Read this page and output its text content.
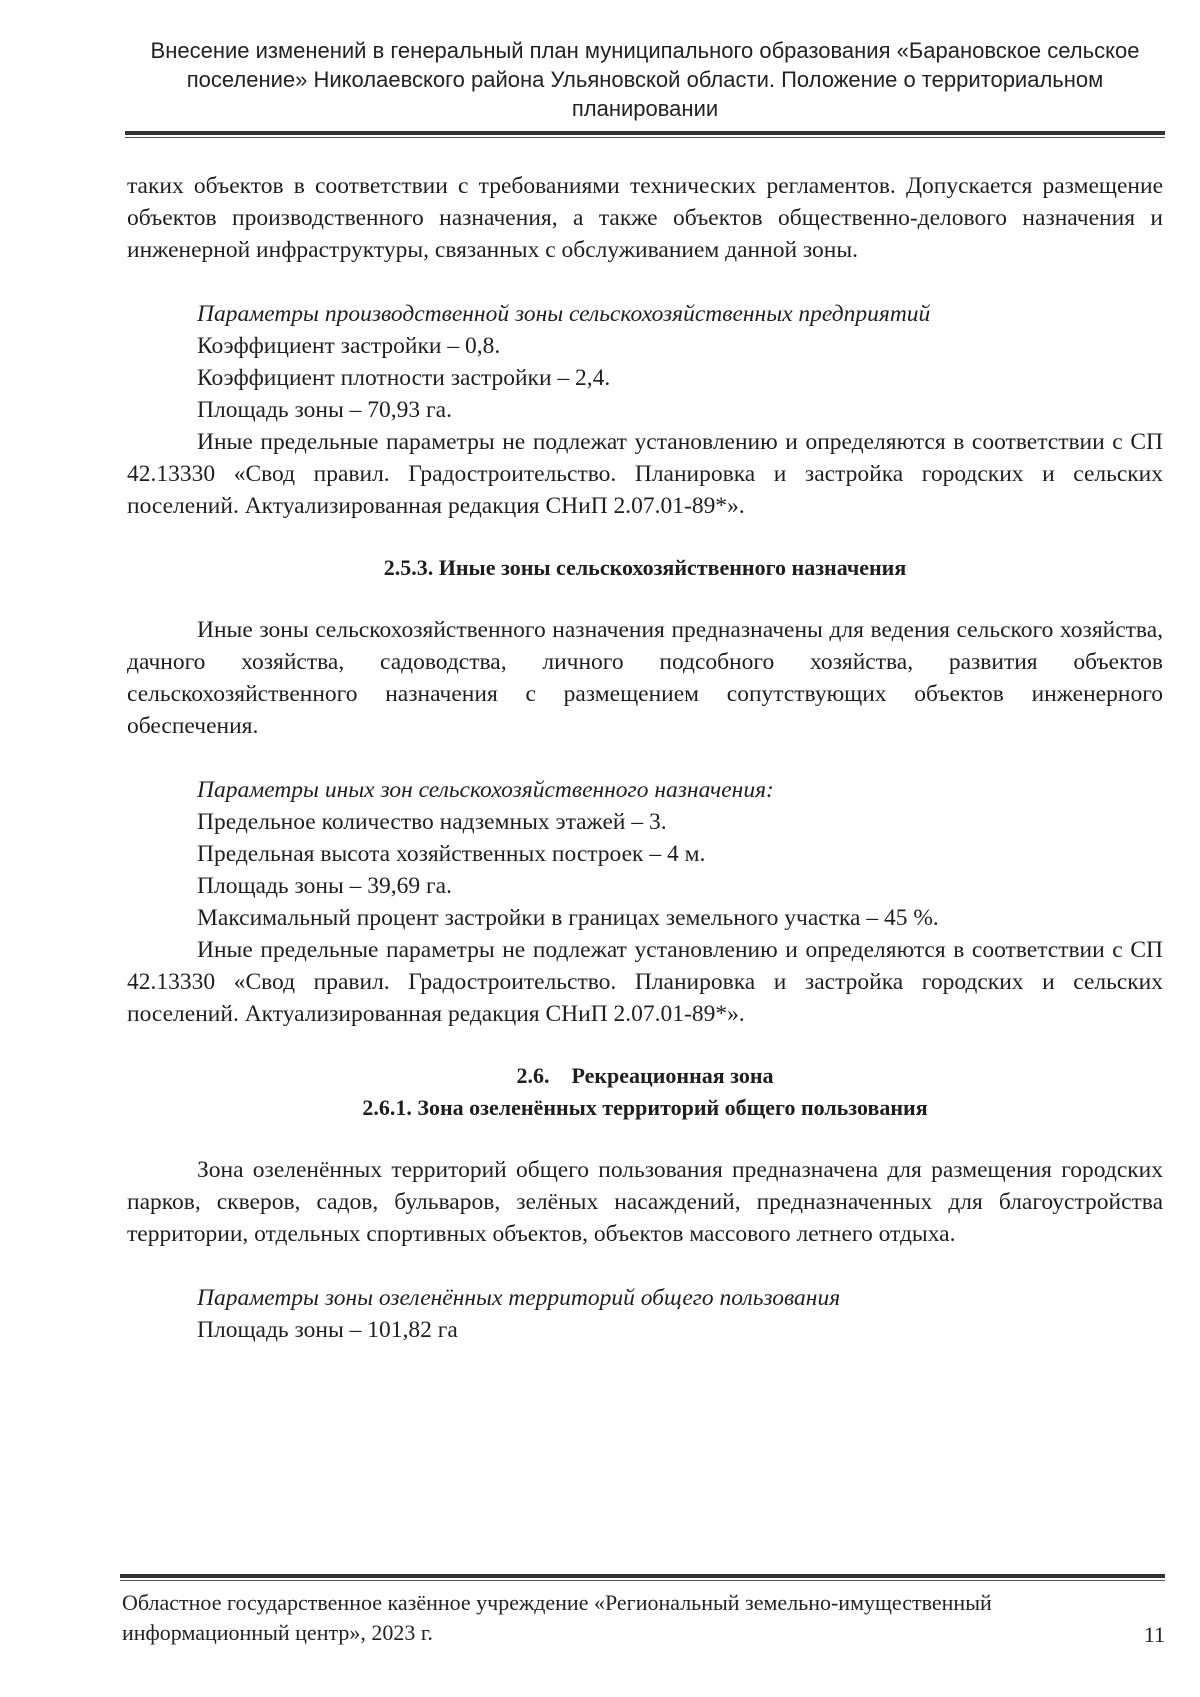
Внесение изменений в генеральный план муниципального образования «Барановское сельское поселение» Николаевского района Ульяновской области. Положение о территориальном планировании

таких объектов в соответствии с требованиями технических регламентов. Допускается размещение объектов производственного назначения, а также объектов общественно-делового назначения и инженерной инфраструктуры, связанных с обслуживанием данной зоны.

Параметры производственной зоны сельскохозяйственных предприятий

Коэффициент застройки – 0,8.

Коэффициент плотности застройки – 2,4.

Площадь зоны – 70,93 га.

Иные предельные параметры не подлежат установлению и определяются в соответствии с СП 42.13330 «Свод правил. Градостроительство. Планировка и застройка городских и сельских поселений. Актуализированная редакция СНиП 2.07.01-89*».

2.5.3. Иные зоны сельскохозяйственного назначения

Иные зоны сельскохозяйственного назначения предназначены для ведения сельского хозяйства, дачного хозяйства, садоводства, личного подсобного хозяйства, развития объектов сельскохозяйственного назначения с размещением сопутствующих объектов инженерного обеспечения.

Параметры иных зон сельскохозяйственного назначения:

Предельное количество надземных этажей – 3.

Предельная высота хозяйственных построек – 4 м.

Площадь зоны – 39,69 га.

Максимальный процент застройки в границах земельного участка – 45 %.

Иные предельные параметры не подлежат установлению и определяются в соответствии с СП 42.13330 «Свод правил. Градостроительство. Планировка и застройка городских и сельских поселений. Актуализированная редакция СНиП 2.07.01-89*».

2.6.    Рекреационная зона

2.6.1. Зона озеленённых территорий общего пользования

Зона озеленённых территорий общего пользования предназначена для размещения городских парков, скверов, садов, бульваров, зелёных насаждений, предназначенных для благоустройства территории, отдельных спортивных объектов, объектов массового летнего отдыха.

Параметры зоны озеленённых территорий общего пользования

Площадь зоны – 101,82 га

Областное государственное казённое учреждение «Региональный земельно-имущественный информационный центр», 2023 г.	11
